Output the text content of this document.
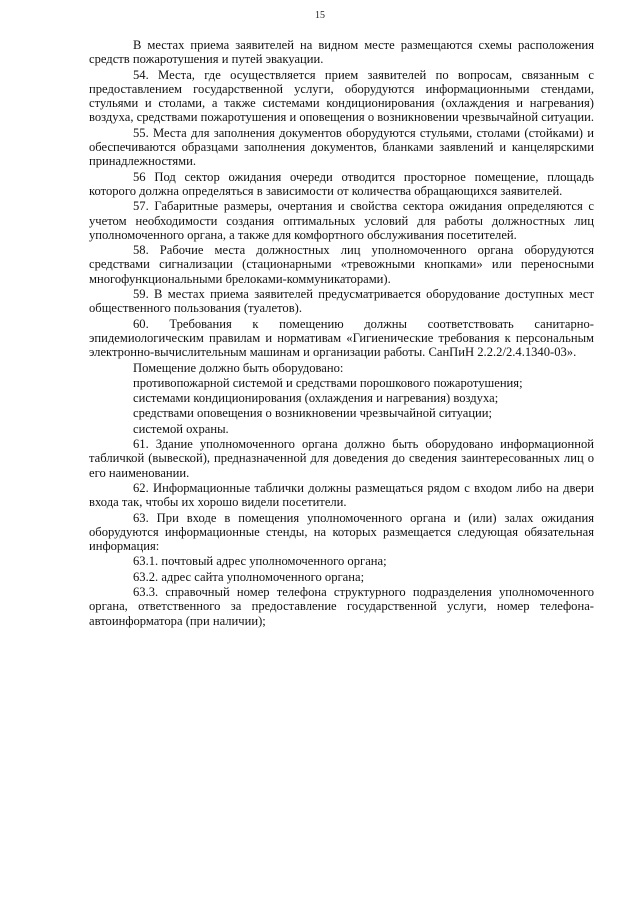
15

В местах приема заявителей на видном месте размещаются схемы расположения средств пожаротушения и путей эвакуации.

54. Места, где осуществляется прием заявителей по вопросам, связанным с предоставлением государственной услуги, оборудуются информационными стендами, стульями и столами, а также системами кондиционирования (охлаждения и нагревания) воздуха, средствами пожаротушения и оповещения о возникновении чрезвычайной ситуации.

55. Места для заполнения документов оборудуются стульями, столами (стойками) и обеспечиваются образцами заполнения документов, бланками заявлений и канцелярскими принадлежностями.

56 Под сектор ожидания очереди отводится просторное помещение, площадь которого должна определяться в зависимости от количества обращающихся заявителей.

57. Габаритные размеры, очертания и свойства сектора ожидания определяются с учетом необходимости создания оптимальных условий для работы должностных лиц уполномоченного органа, а также для комфортного обслуживания посетителей.

58. Рабочие места должностных лиц уполномоченного органа оборудуются средствами сигнализации (стационарными «тревожными кнопками» или переносными многофункциональными брелоками-коммуникаторами).

59. В местах приема заявителей предусматривается оборудование доступных мест общественного пользования (туалетов).

60. Требования к помещению должны соответствовать санитарно-эпидемиологическим правилам и нормативам «Гигиенические требования к персональным электронно-вычислительным машинам и организации работы. СанПиН 2.2.2/2.4.1340-03».

Помещение должно быть оборудовано:

противопожарной системой и средствами порошкового пожаротушения;

системами кондиционирования (охлаждения и нагревания) воздуха;

средствами оповещения о возникновении чрезвычайной ситуации;

системой охраны.

61. Здание уполномоченного органа должно быть оборудовано информационной табличкой (вывеской), предназначенной для доведения до сведения заинтересованных лиц о его наименовании.

62. Информационные таблички должны размещаться рядом с входом либо на двери входа так, чтобы их хорошо видели посетители.

63. При входе в помещения уполномоченного органа и (или) залах ожидания оборудуются информационные стенды, на которых размещается следующая обязательная информация:

63.1. почтовый адрес уполномоченного органа;

63.2. адрес сайта уполномоченного органа;

63.3. справочный номер телефона структурного подразделения уполномоченного органа, ответственного за предоставление государственной услуги, номер телефона-автоинформатора (при наличии);
